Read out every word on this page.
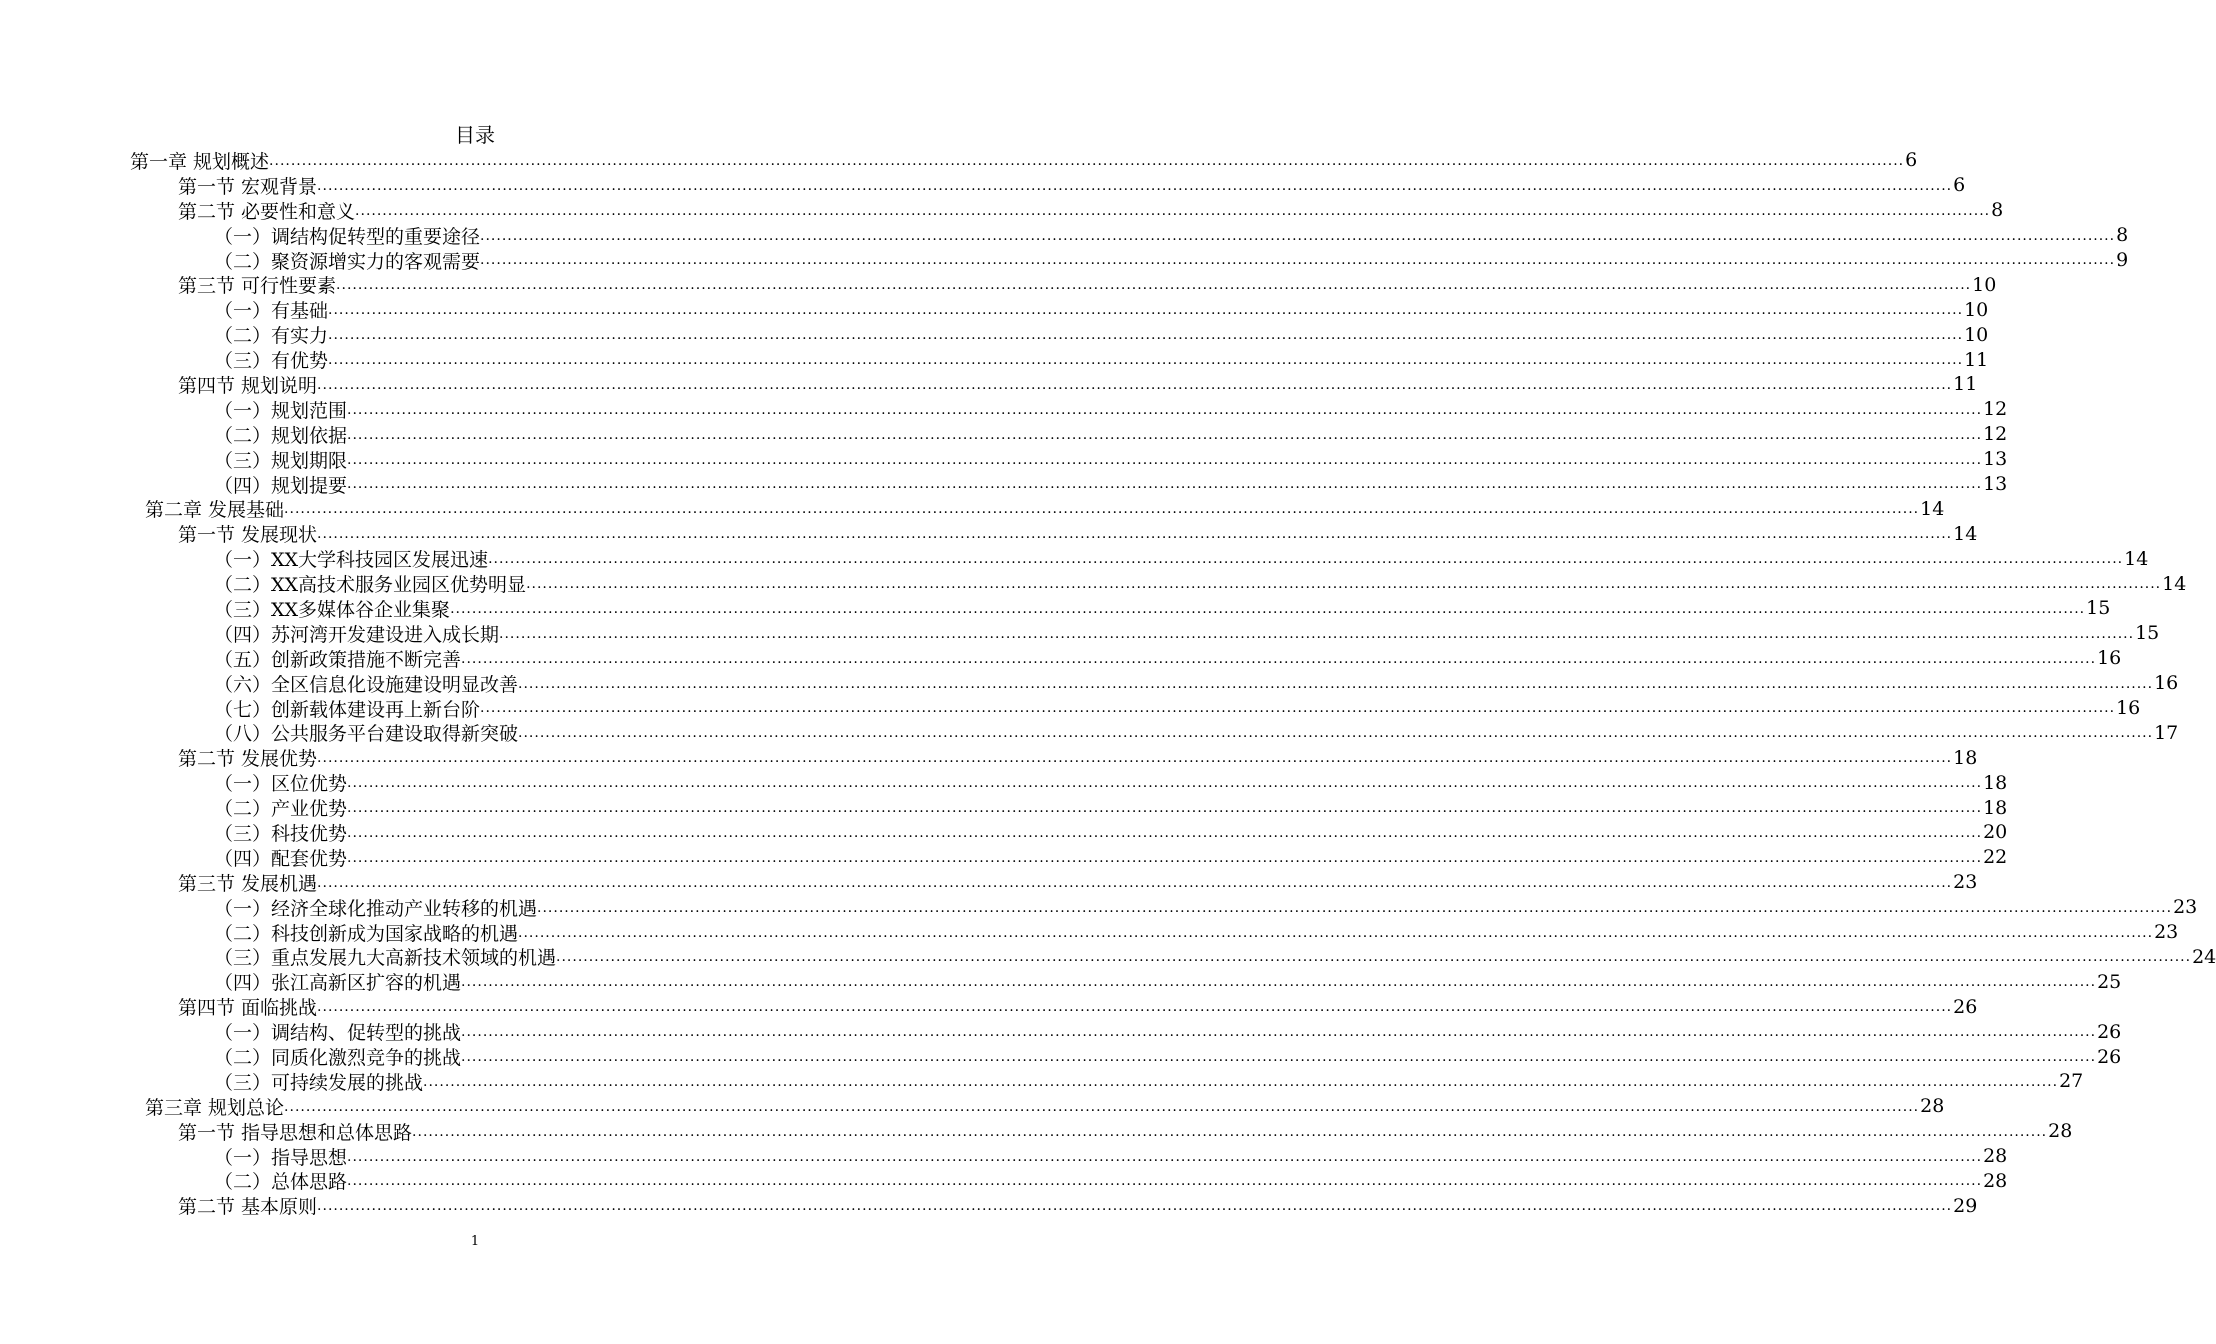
目录
第一章 规划概述 ............................................................................................................................................................................................................................................................................................................ 6
第一节 宏观背景 ............................................................................................................................................................................................................................................................................................................ 6
第二节 必要性和意义 ............................................................................................................................................................................................................................................................................................................ 8
（一）调结构促转型的重要途径 ............................................................................................................................................................................................................................................................................................................ 8
（二）聚资源增实力的客观需要 ............................................................................................................................................................................................................................................................................................................ 9
第三节 可行性要素 ............................................................................................................................................................................................................................................................................................................ 10
（一）有基础 ............................................................................................................................................................................................................................................................................................................ 10
（二）有实力 ............................................................................................................................................................................................................................................................................................................ 10
（三）有优势 ............................................................................................................................................................................................................................................................................................................ 11
第四节 规划说明 ............................................................................................................................................................................................................................................................................................................ 11
（一）规划范围 ............................................................................................................................................................................................................................................................................................................ 12
（二）规划依据 ............................................................................................................................................................................................................................................................................................................ 12
（三）规划期限 ............................................................................................................................................................................................................................................................................................................ 13
（四）规划提要 ............................................................................................................................................................................................................................................................................................................ 13
第二章 发展基础 ............................................................................................................................................................................................................................................................................................................ 14
第一节 发展现状 ............................................................................................................................................................................................................................................................................................................ 14
（一）XX大学科技园区发展迅速 ............................................................................................................................................................................................................................................................................................................ 14
（二）XX高技术服务业园区优势明显 ............................................................................................................................................................................................................................................................................................................ 14
（三）XX多媒体谷企业集聚 ............................................................................................................................................................................................................................................................................................................ 15
（四）苏河湾开发建设进入成长期 ............................................................................................................................................................................................................................................................................................................ 15
（五）创新政策措施不断完善 ............................................................................................................................................................................................................................................................................................................ 16
（六）全区信息化设施建设明显改善 ............................................................................................................................................................................................................................................................................................................ 16
（七）创新载体建设再上新台阶 ............................................................................................................................................................................................................................................................................................................ 16
（八）公共服务平台建设取得新突破 ............................................................................................................................................................................................................................................................................................................ 17
第二节 发展优势 ............................................................................................................................................................................................................................................................................................................ 18
（一）区位优势 ............................................................................................................................................................................................................................................................................................................ 18
（二）产业优势 ............................................................................................................................................................................................................................................................................................................ 18
（三）科技优势 ............................................................................................................................................................................................................................................................................................................ 20
（四）配套优势 ............................................................................................................................................................................................................................................................................................................ 22
第三节 发展机遇 ............................................................................................................................................................................................................................................................................................................ 23
（一）经济全球化推动产业转移的机遇 ............................................................................................................................................................................................................................................................................................................ 23
（二）科技创新成为国家战略的机遇 ............................................................................................................................................................................................................................................................................................................ 23
（三）重点发展九大高新技术领域的机遇 ............................................................................................................................................................................................................................................................................................................ 24
（四）张江高新区扩容的机遇 ............................................................................................................................................................................................................................................................................................................ 25
第四节 面临挑战 ............................................................................................................................................................................................................................................................................................................ 26
（一）调结构、促转型的挑战 ............................................................................................................................................................................................................................................................................................................ 26
（二）同质化激烈竞争的挑战 ............................................................................................................................................................................................................................................................................................................ 26
（三）可持续发展的挑战 ............................................................................................................................................................................................................................................................................................................ 27
第三章 规划总论 ............................................................................................................................................................................................................................................................................................................ 28
第一节 指导思想和总体思路 ............................................................................................................................................................................................................................................................................................................ 28
（一）指导思想 ............................................................................................................................................................................................................................................................................................................ 28
（二）总体思路 ............................................................................................................................................................................................................................................................................................................ 28
第二节 基本原则 ............................................................................................................................................................................................................................................................................................................ 29
1
